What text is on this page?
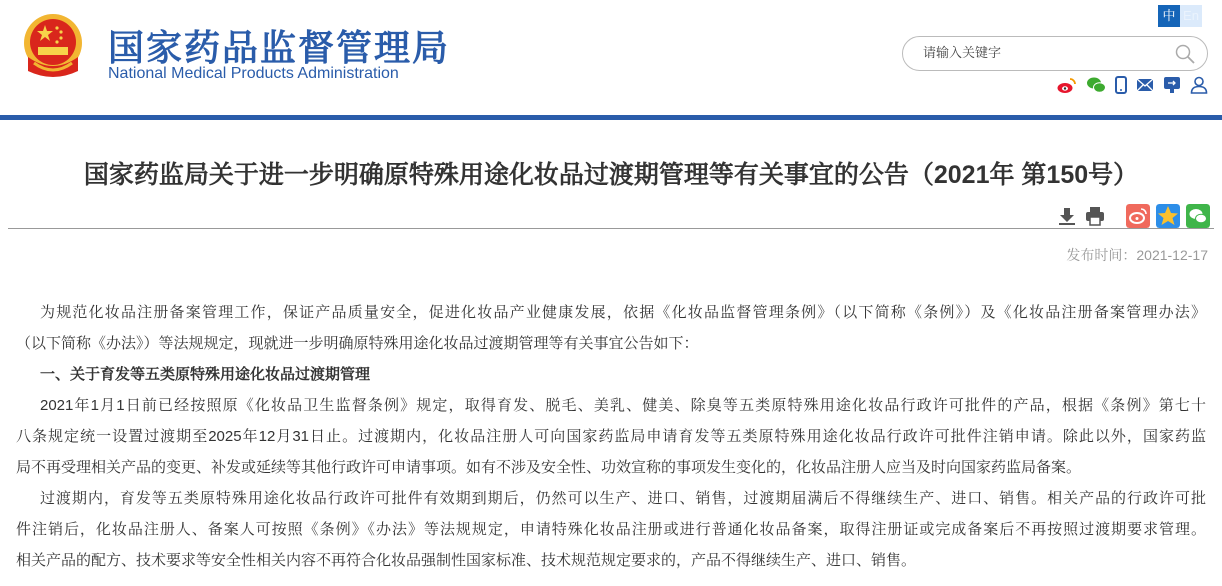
国家药品监督管理局
National Medical Products Administration
中 En
请输入关键字
国家药监局关于进一步明确原特殊用途化妆品过渡期管理等有关事宜的公告（2021年 第150号）
发布时间：2021-12-17
为规范化妆品注册备案管理工作，保证产品质量安全，促进化妆品产业健康发展，依据《化妆品监督管理条例》（以下简称《条例》）及《化妆品注册备案管理办法》
（以下简称《办法》）等法规规定，现就进一步明确原特殊用途化妆品过渡期管理等有关事宜公告如下：
一、关于育发等五类原特殊用途化妆品过渡期管理
2021年1月1日前已经按照原《化妆品卫生监督条例》规定，取得育发、脱毛、美乳、健美、除臭等五类原特殊用途化妆品行政许可批件的产品，根据《条例》第七十
八条规定统一设置过渡期至2025年12月31日止。过渡期内，化妆品注册人可向国家药监局申请育发等五类原特殊用途化妆品行政许可批件注销申请。除此以外，国家药监
局不再受理相关产品的变更、补发或延续等其他行政许可申请事项。如有不涉及安全性、功效宣称的事项发生变化的，化妆品注册人应当及时向国家药监局备案。
过渡期内，育发等五类原特殊用途化妆品行政许可批件有效期到期后，仍然可以生产、进口、销售，过渡期届满后不得继续生产、进口、销售。相关产品的行政许可批
件注销后，化妆品注册人、备案人可按照《条例》《办法》等法规规定，申请特殊化妆品注册或进行普通化妆品备案，取得注册证或完成备案后不再按照过渡期要求管理。
相关产品的配方、技术要求等安全性相关内容不再符合化妆品强制性国家标准、技术规范规定要求的，产品不得继续生产、进口、销售。
